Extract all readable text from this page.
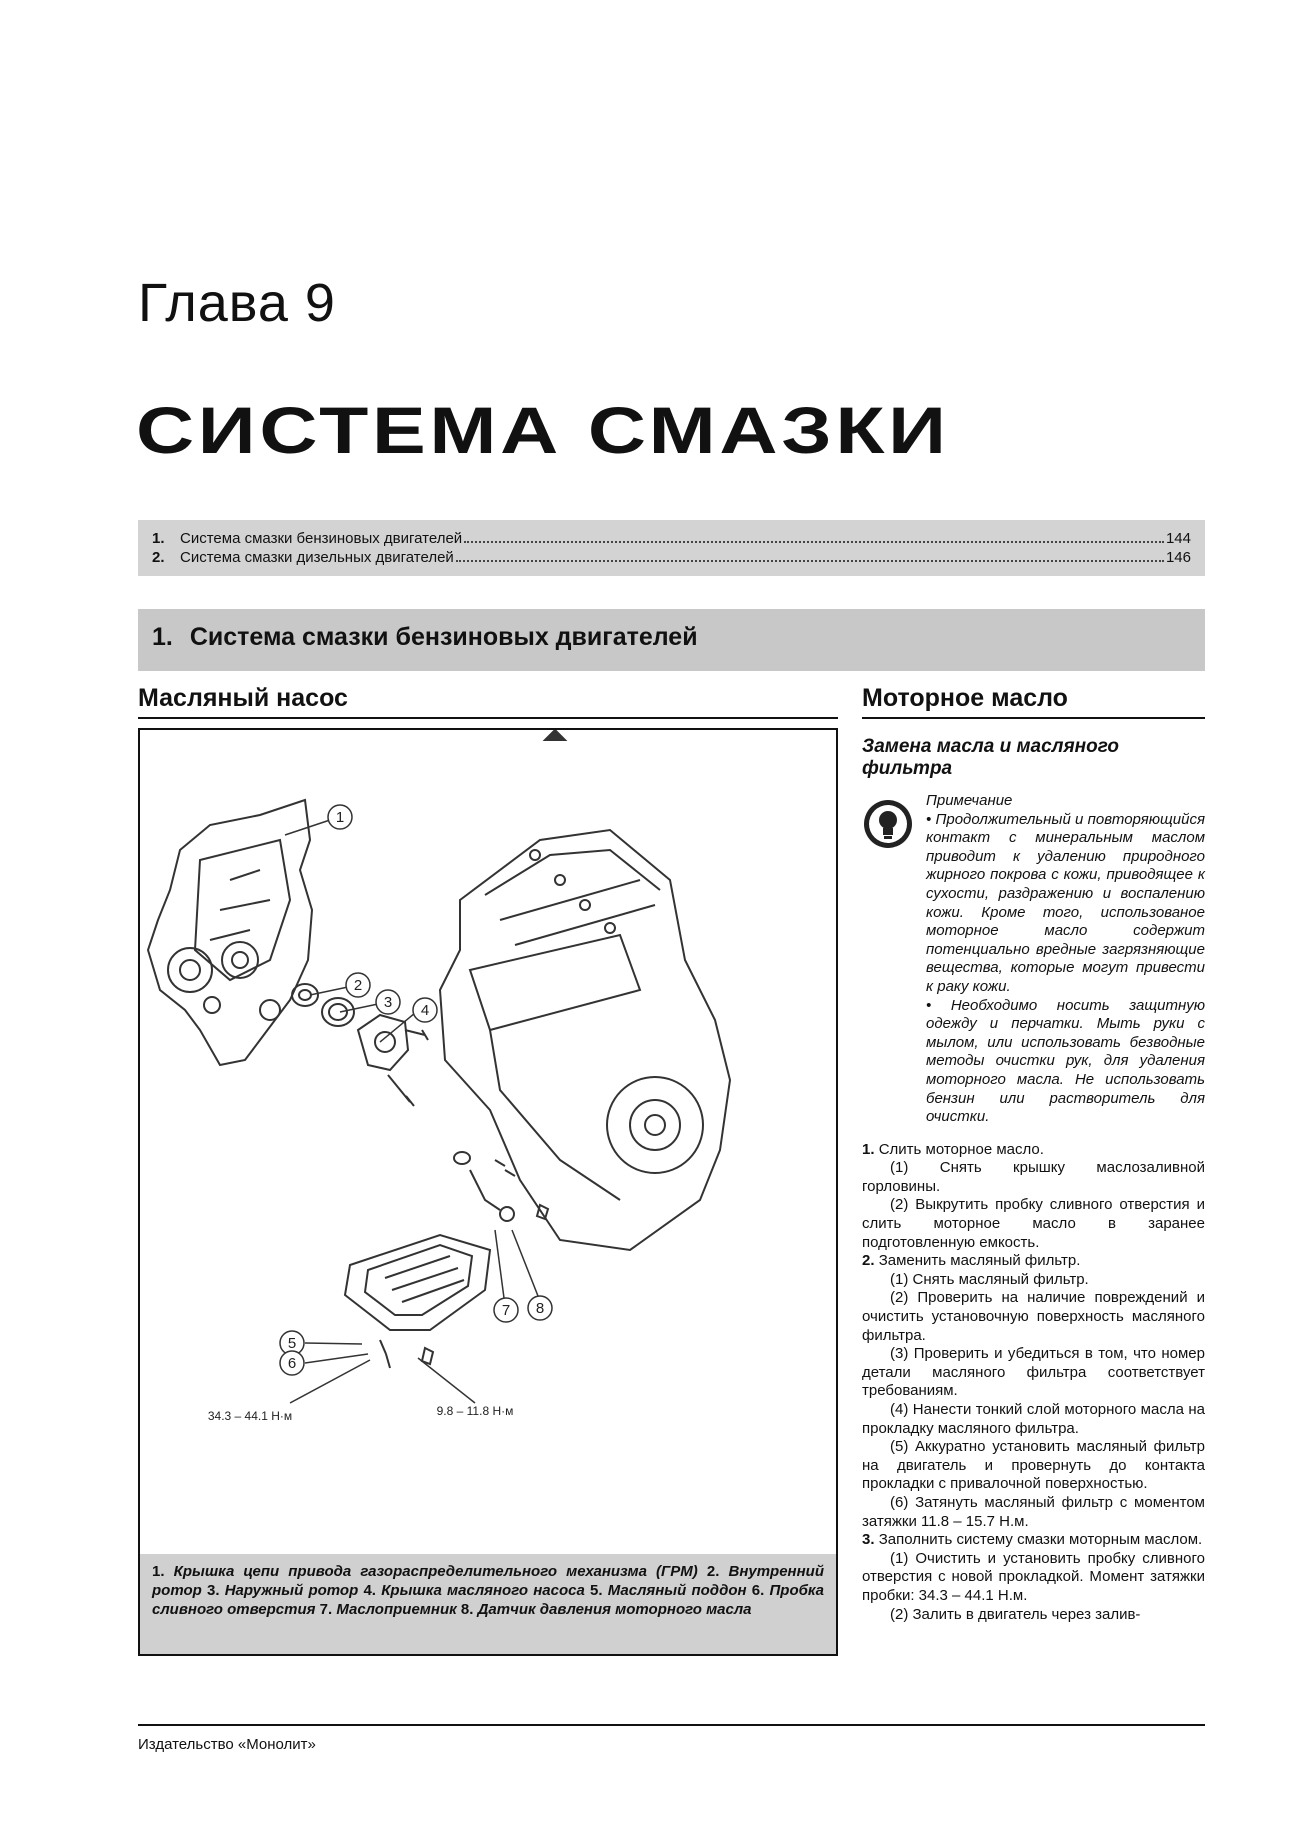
Глава 9
СИСТЕМА СМАЗКИ
1.	Система смазки бензиновых двигателей	144
2.	Система смазки дизельных двигателей	146
1. Система смазки бензиновых двигателей
Масляный насос	Моторное масло
1
2
3 4
5
6
7 8
34.3 – 44.1 Н·м	9.8 – 11.8 Н·м
1. Крышка цепи привода газораспределительного механизма (ГРМ) 2. Внутренний ротор 3. Наружный ротор 4. Крышка масляного насоса 5. Масляный поддон 6. Пробка сливного отверстия 7. Маслоприемник 8. Датчик давления моторного масла
Замена масла и масляного фильтра
Примечание
• Продолжительный и повторяющийся контакт с минеральным маслом приводит к удалению природного жирного покрова с кожи, приводящее к сухости, раздражению и воспалению кожи. Кроме того, использованое моторное масло содержит потенциально вредные загрязняющие вещества, которые могут привести к раку кожи.
• Необходимо носить защитную одежду и перчатки. Мыть руки с мылом, или использовать безводные методы очистки рук, для удаления моторного масла. Не использовать бензин или растворитель для очистки.
1. Слить моторное масло.
(1) Снять крышку маслозаливной горловины.
(2) Выкрутить пробку сливного отверстия и слить моторное масло в заранее подготовленную емкость.
2. Заменить масляный фильтр.
(1) Снять масляный фильтр.
(2) Проверить на наличие повреждений и очистить установочную поверхность масляного фильтра.
(3) Проверить и убедиться в том, что номер детали масляного фильтра соответствует требованиям.
(4) Нанести тонкий слой моторного масла на прокладку масляного фильтра.
(5) Аккуратно установить масляный фильтр на двигатель и провернуть до контакта прокладки с привалочной поверхностью.
(6) Затянуть масляный фильтр с моментом затяжки 11.8 – 15.7 Н.м.
3. Заполнить систему смазки моторным маслом.
(1) Очистить и установить пробку сливного отверстия с новой прокладкой. Момент затяжки пробки: 34.3 – 44.1 Н.м.
(2) Залить в двигатель через залив-
Издательство «Монолит»
